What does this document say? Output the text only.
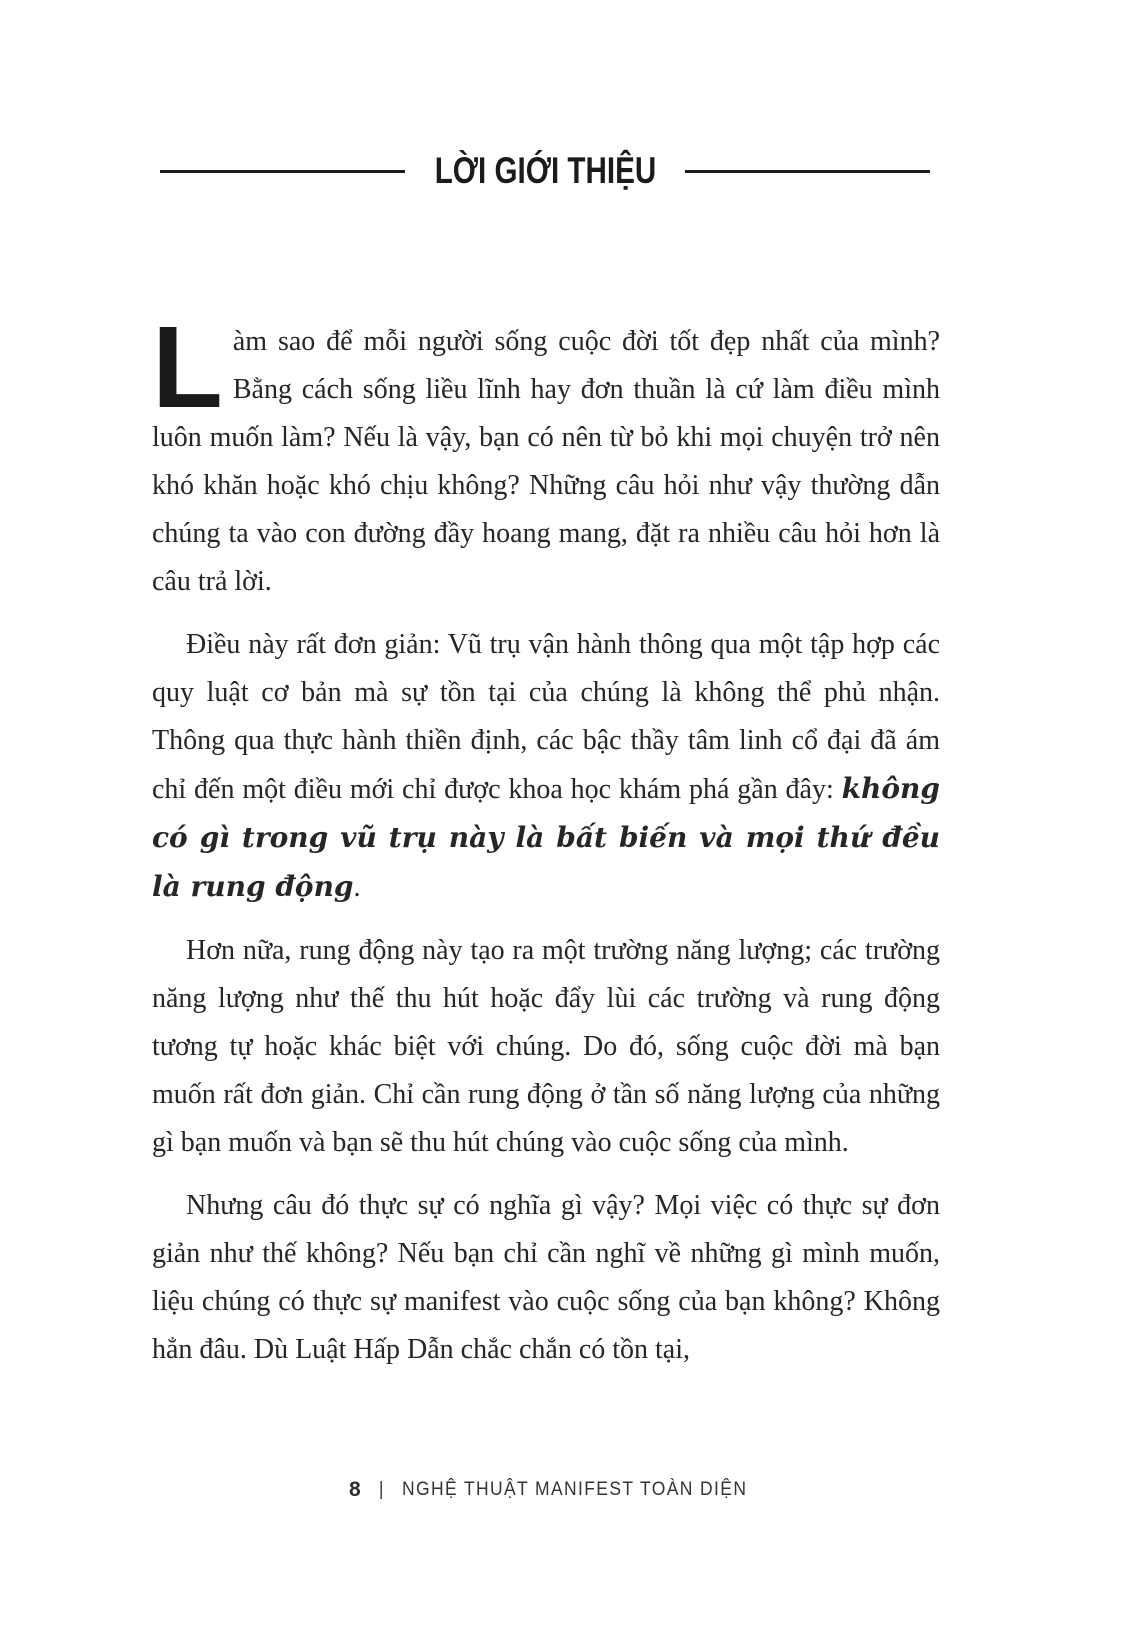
LỜI GIỚI THIỆU

Làm sao để mỗi người sống cuộc đời tốt đẹp nhất của mình? Bằng cách sống liều lĩnh hay đơn thuần là cứ làm điều mình luôn muốn làm? Nếu là vậy, bạn có nên từ bỏ khi mọi chuyện trở nên khó khăn hoặc khó chịu không? Những câu hỏi như vậy thường dẫn chúng ta vào con đường đầy hoang mang, đặt ra nhiều câu hỏi hơn là câu trả lời.

Điều này rất đơn giản: Vũ trụ vận hành thông qua một tập hợp các quy luật cơ bản mà sự tồn tại của chúng là không thể phủ nhận. Thông qua thực hành thiền định, các bậc thầy tâm linh cổ đại đã ám chỉ đến một điều mới chỉ được khoa học khám phá gần đây: không có gì trong vũ trụ này là bất biến và mọi thứ đều là rung động.

Hơn nữa, rung động này tạo ra một trường năng lượng; các trường năng lượng như thế thu hút hoặc đẩy lùi các trường và rung động tương tự hoặc khác biệt với chúng. Do đó, sống cuộc đời mà bạn muốn rất đơn giản. Chỉ cần rung động ở tần số năng lượng của những gì bạn muốn và bạn sẽ thu hút chúng vào cuộc sống của mình.

Nhưng câu đó thực sự có nghĩa gì vậy? Mọi việc có thực sự đơn giản như thế không? Nếu bạn chỉ cần nghĩ về những gì mình muốn, liệu chúng có thực sự manifest vào cuộc sống của bạn không? Không hẳn đâu. Dù Luật Hấp Dẫn chắc chắn có tồn tại,

8 | NGHỆ THUẬT MANIFEST TOÀN DIỆN
